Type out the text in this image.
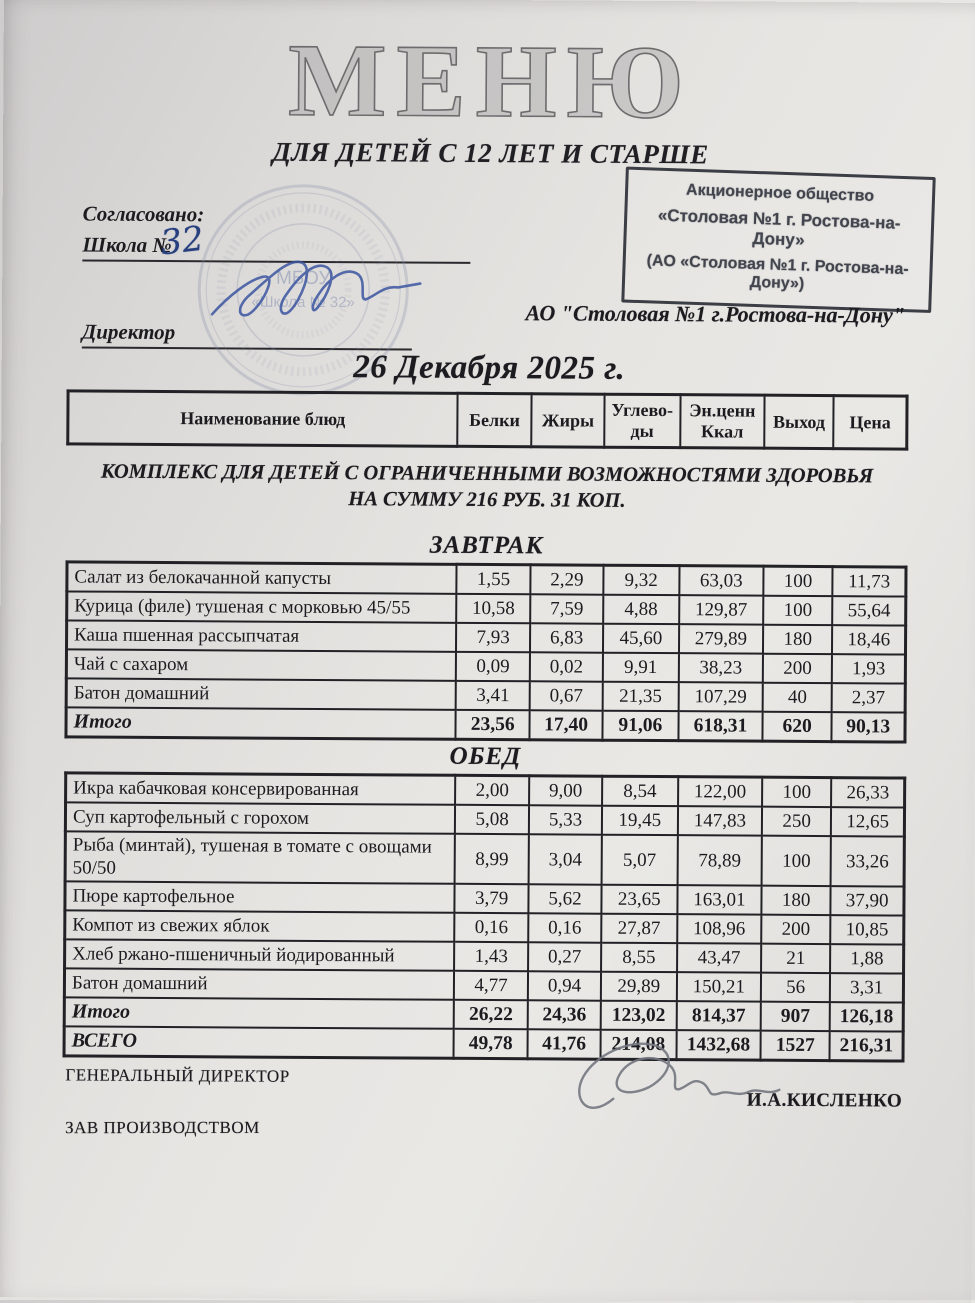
МЕНЮ
ДЛЯ ДЕТЕЙ С 12 ЛЕТ И СТАРШЕ
Согласовано:
Школа №
32
Директор
МБОУ
«Школа № 32»
Акционерное общество
«Столовая №1 г. Ростова-на-Дону»
(АО «Столовая №1 г. Ростова-на-Дону»)
АО "Столовая №1 г.Ростова-на-Дону"
26 Декабря 2025 г.
Наименование блюд	Белки	Жиры	Углеводы	Эн.ценн Ккал	Выход	Цена
КОМПЛЕКС ДЛЯ ДЕТЕЙ С ОГРАНИЧЕННЫМИ ВОЗМОЖНОСТЯМИ ЗДОРОВЬЯ
НА СУММУ 216 РУБ. 31 КОП.
ЗАВТРАК
Салат из белокачанной капусты	1,55	2,29	9,32	63,03	100	11,73
Курица (филе) тушеная с морковью 45/55	10,58	7,59	4,88	129,87	100	55,64
Каша пшенная рассыпчатая	7,93	6,83	45,60	279,89	180	18,46
Чай с сахаром	0,09	0,02	9,91	38,23	200	1,93
Батон домашний	3,41	0,67	21,35	107,29	40	2,37
Итого	23,56	17,40	91,06	618,31	620	90,13
ОБЕД
Икра кабачковая консервированная	2,00	9,00	8,54	122,00	100	26,33
Суп картофельный с горохом	5,08	5,33	19,45	147,83	250	12,65
Рыба (минтай), тушеная в томате с овощами 50/50	8,99	3,04	5,07	78,89	100	33,26
Пюре картофельное	3,79	5,62	23,65	163,01	180	37,90
Компот из свежих яблок	0,16	0,16	27,87	108,96	200	10,85
Хлеб ржано-пшеничный йодированный	1,43	0,27	8,55	43,47	21	1,88
Батон домашний	4,77	0,94	29,89	150,21	56	3,31
Итого	26,22	24,36	123,02	814,37	907	126,18
ВСЕГО	49,78	41,76	214,08	1432,68	1527	216,31
ГЕНЕРАЛЬНЫЙ ДИРЕКТОР
ЗАВ ПРОИЗВОДСТВОМ
И.А.КИСЛЕНКО
